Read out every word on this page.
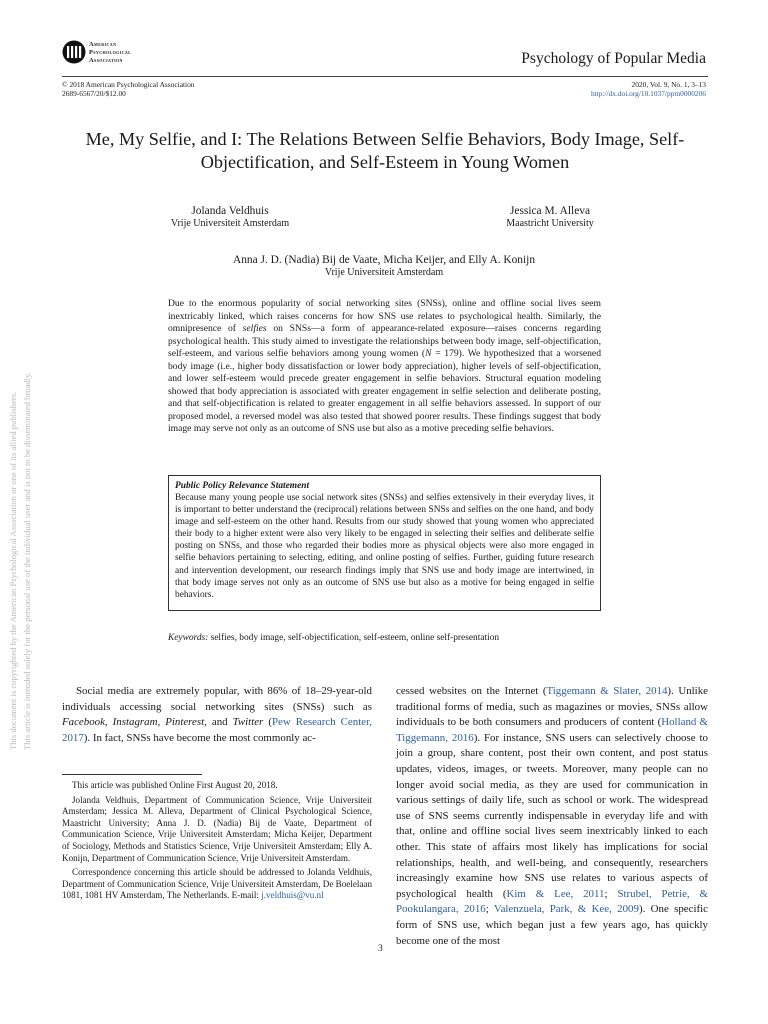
This document is copyrighted by the American Psychological Association or one of its allied publishers. This article is intended solely for the personal use of the individual user and is not to be disseminated broadly.
American
Psychological
Association	Psychology of Popular Media
© 2018 American Psychological Association
2689-6567/20/$12.00
2020, Vol. 9, No. 1, 3–13
http://dx.doi.org/10.1037/ppm0000206
Me, My Selfie, and I: The Relations Between Selfie Behaviors, Body Image, Self-Objectification, and Self-Esteem in Young Women
Jolanda Veldhuis
Vrije Universiteit Amsterdam
Jessica M. Alleva
Maastricht University
Anna J. D. (Nadia) Bij de Vaate, Micha Keijer, and Elly A. Konijn
Vrije Universiteit Amsterdam
Due to the enormous popularity of social networking sites (SNSs), online and offline social lives seem inextricably linked, which raises concerns for how SNS use relates to psychological health. Similarly, the omnipresence of selfies on SNSs—a form of appearance-related exposure—raises concerns regarding psychological health. This study aimed to investigate the relationships between body image, self-objectification, self-esteem, and various selfie behaviors among young women (N = 179). We hypothesized that a worsened body image (i.e., higher body dissatisfaction or lower body appreciation), higher levels of self-objectification, and lower self-esteem would precede greater engagement in selfie behaviors. Structural equation modeling showed that body appreciation is associated with greater engagement in selfie selection and deliberate posting, and that self-objectification is related to greater engagement in all selfie behaviors assessed. In support of our proposed model, a reversed model was also tested that showed poorer results. These findings suggest that body image may serve not only as an outcome of SNS use but also as a motive preceding selfie behaviors.
Public Policy Relevance Statement
Because many young people use social network sites (SNSs) and selfies extensively in their everyday lives, it is important to better understand the (reciprocal) relations between SNSs and selfies on the one hand, and body image and self-esteem on the other hand. Results from our study showed that young women who appreciated their body to a higher extent were also very likely to be engaged in selecting their selfies and deliberate selfie posting on SNSs, and those who regarded their bodies more as physical objects were also more engaged in selfie behaviors pertaining to selecting, editing, and online posting of selfies. Further, guiding future research and intervention development, our research findings imply that SNS use and body image are intertwined, in that body image serves not only as an outcome of SNS use but also as a motive for being engaged in selfie behaviors.
Keywords: selfies, body image, self-objectification, self-esteem, online self-presentation
Social media are extremely popular, with 86% of 18–29-year-old individuals accessing social networking sites (SNSs) such as Facebook, Instagram, Pinterest, and Twitter (Pew Research Center, 2017). In fact, SNSs have become the most commonly ac-

This article was published Online First August 20, 2018.

Jolanda Veldhuis, Department of Communication Science, Vrije Universiteit Amsterdam; Jessica M. Alleva, Department of Clinical Psychological Science, Maastricht University; Anna J. D. (Nadia) Bij de Vaate, Department of Communication Science, Vrije Universiteit Amsterdam; Micha Keijer, Department of Sociology, Methods and Statistics Science, Vrije Universiteit Amsterdam; Elly A. Konijn, Department of Communication Science, Vrije Universiteit Amsterdam.

Correspondence concerning this article should be addressed to Jolanda Veldhuis, Department of Communication Science, Vrije Universiteit Amsterdam, De Boelelaan 1081, 1081 HV Amsterdam, The Netherlands. E-mail: j.veldhuis@vu.nl

cessed websites on the Internet (Tiggemann & Slater, 2014). Unlike traditional forms of media, such as magazines or movies, SNSs allow individuals to be both consumers and producers of content (Holland & Tiggemann, 2016). For instance, SNS users can selectively choose to join a group, share content, post their own content, and post status updates, videos, images, or tweets. Moreover, many people can no longer avoid social media, as they are used for communication in various settings of daily life, such as school or work. The widespread use of SNS seems currently indispensable in everyday life and with that, online and offline social lives seem inextricably linked to each other. This state of affairs most likely has implications for social relationships, health, and well-being, and consequently, researchers increasingly examine how SNS use relates to various aspects of psychological health (Kim & Lee, 2011; Strubel, Petrie, & Pookulangara, 2016; Valenzuela, Park, & Kee, 2009). One specific form of SNS use, which began just a few years ago, has quickly become one of the most
3
